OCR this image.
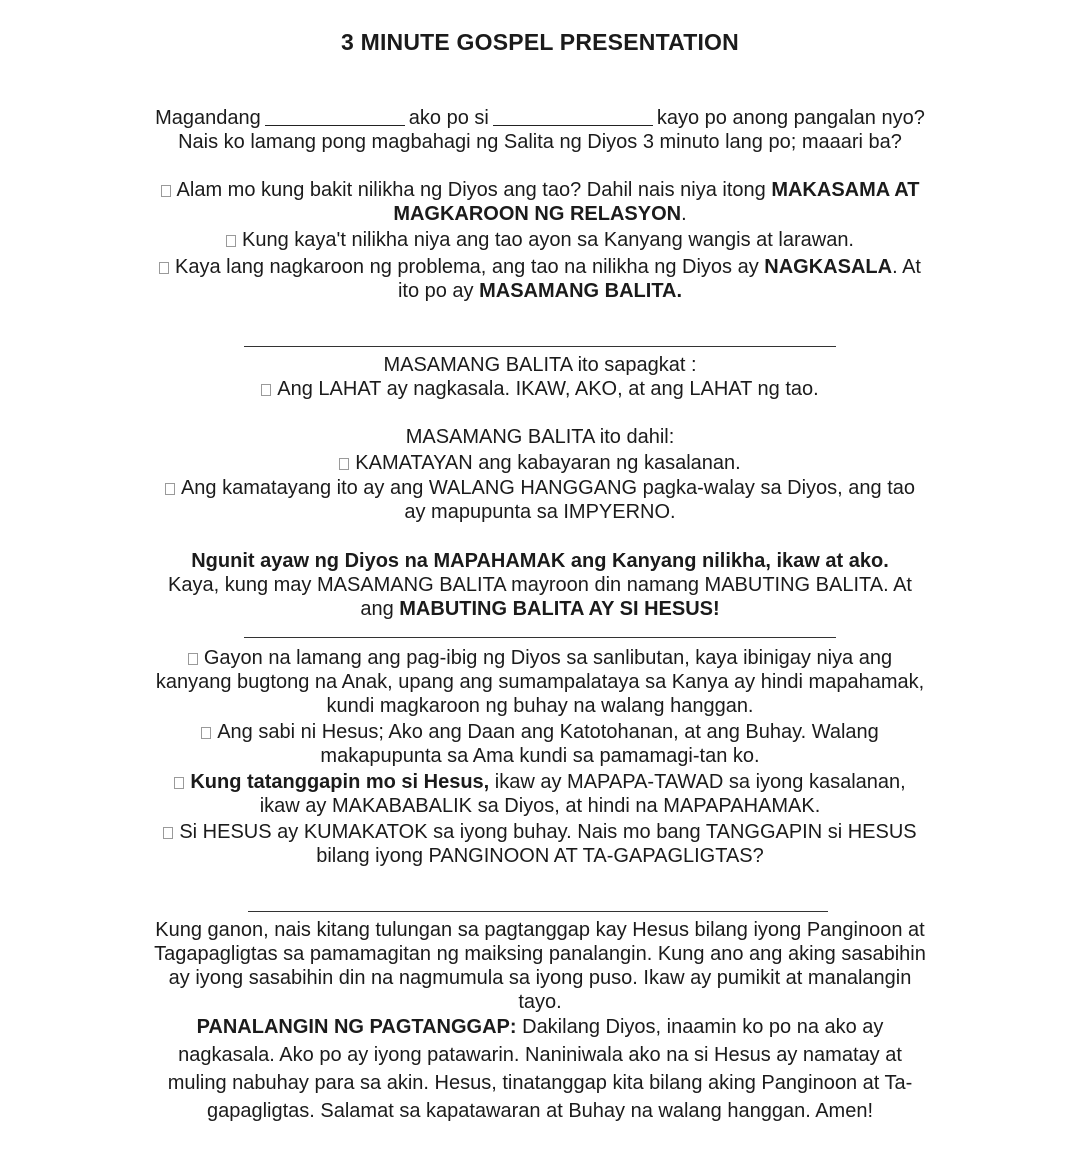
3 MINUTE GOSPEL PRESENTATION
Magandang	ako po si	kayo po anong pangalan nyo?
Nais ko lamang pong magbahagi ng Salita ng Diyos 3 minuto lang po; maaari ba?
Alam mo kung bakit nilikha ng Diyos ang tao? Dahil nais niya itong MAKASAMA AT
MAGKAROON NG RELASYON.
Kung kaya't nilikha niya ang tao ayon sa Kanyang wangis at larawan.
Kaya lang nagkaroon ng problema, ang tao na nilikha ng Diyos ay NAGKASALA. At
ito po ay MASAMANG BALITA.
MASAMANG BALITA ito sapagkat :
Ang LAHAT ay nagkasala. IKAW, AKO, at ang LAHAT ng tao.
MASAMANG BALITA ito dahil:
KAMATAYAN ang kabayaran ng kasalanan.
Ang kamatayang ito ay ang WALANG HANGGANG pagka-walay sa Diyos, ang tao
ay mapupunta sa IMPYERNO.
Ngunit ayaw ng Diyos na MAPAHAMAK ang Kanyang nilikha, ikaw at ako.
Kaya, kung may MASAMANG BALITA mayroon din namang MABUTING BALITA. At
ang MABUTING BALITA AY SI HESUS!
Gayon na lamang ang pag-ibig ng Diyos sa sanlibutan, kaya ibinigay niya ang
kanyang bugtong na Anak, upang ang sumampalataya sa Kanya ay hindi mapahamak,
kundi magkaroon ng buhay na walang hanggan.
Ang sabi ni Hesus; Ako ang Daan ang Katotohanan, at ang Buhay. Walang
makapupunta sa Ama kundi sa pamamagi-tan ko.
Kung tatanggapin mo si Hesus, ikaw ay MAPAPA-TAWAD sa iyong kasalanan,
ikaw ay MAKABABALIK sa Diyos, at hindi na MAPAPAHAMAK.
Si HESUS ay KUMAKATOK sa iyong buhay. Nais mo bang TANGGAPIN si HESUS
bilang iyong PANGINOON AT TA-GAPAGLIGTAS?
Kung ganon, nais kitang tulungan sa pagtanggap kay Hesus bilang iyong Panginoon at
Tagapagligtas sa pamamagitan ng maiksing panalangin. Kung ano ang aking sasabihin
ay iyong sasabihin din na nagmumula sa iyong puso. Ikaw ay pumikit at manalangin
tayo.
PANALANGIN NG PAGTANGGAP: Dakilang Diyos, inaamin ko po na ako ay
nagkasala. Ako po ay iyong patawarin. Naniniwala ako na si Hesus ay namatay at
muling nabuhay para sa akin. Hesus, tinatanggap kita bilang aking Panginoon at Ta-
gapagligtas. Salamat sa kapatawaran at Buhay na walang hanggan. Amen!
